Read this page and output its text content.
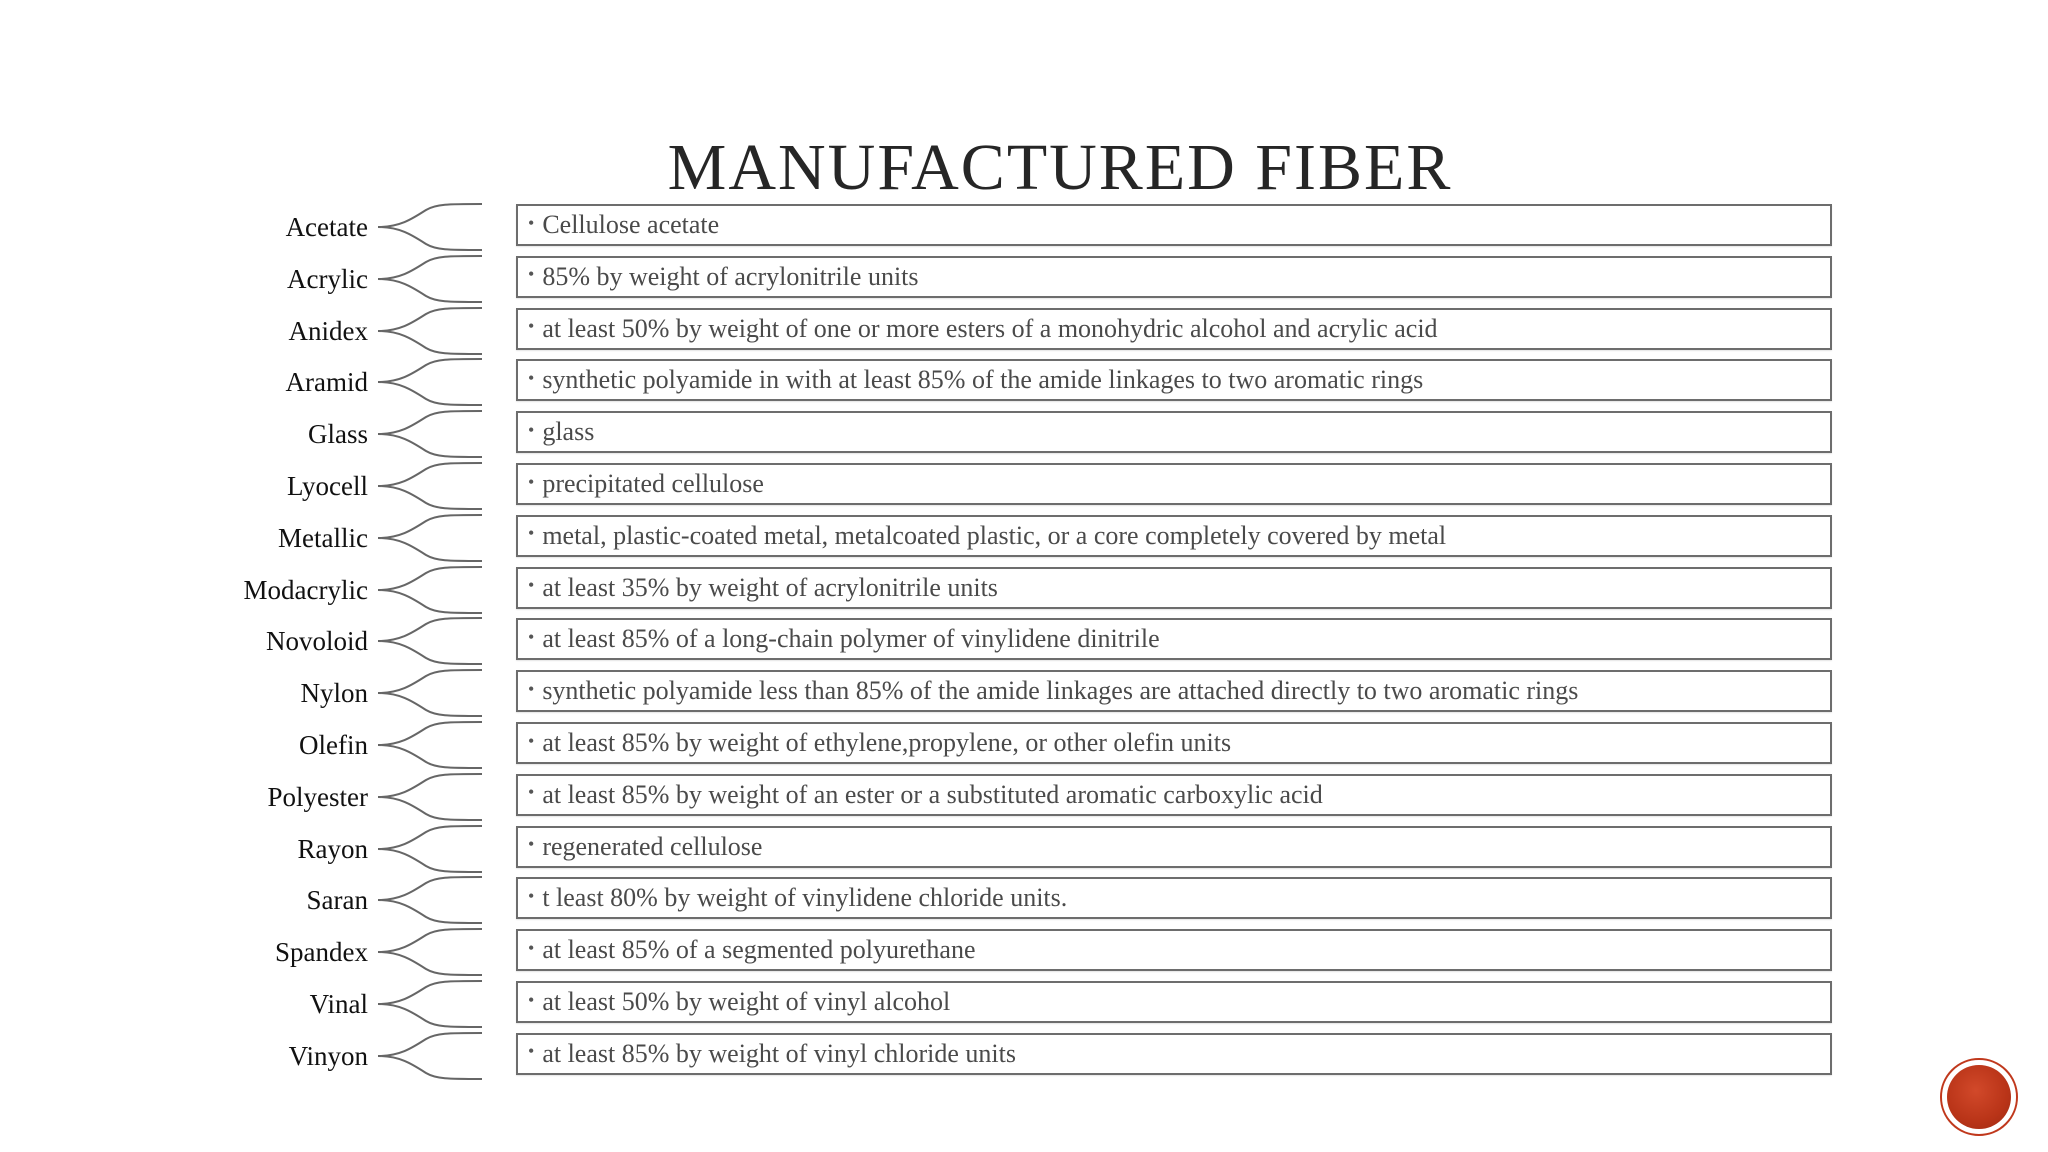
MANUFACTURED FIBER
Acetate	• Cellulose acetate
Acrylic	• 85% by weight of acrylonitrile units
Anidex	• at least 50% by weight of one or more esters of a monohydric alcohol and acrylic acid
Aramid	• synthetic polyamide in with at least 85% of the amide linkages to two aromatic rings
Glass	• glass
Lyocell	• precipitated cellulose
Metallic	• metal, plastic-coated metal, metalcoated plastic, or a core completely covered by metal
Modacrylic	• at least 35% by weight of acrylonitrile units
Novoloid	• at least 85% of a long-chain polymer of vinylidene dinitrile
Nylon	• synthetic polyamide less than 85% of the amide linkages are attached directly to two aromatic rings
Olefin	• at least 85% by weight of ethylene,propylene, or other olefin units
Polyester	• at least 85% by weight of an ester or a substituted aromatic carboxylic acid
Rayon	• regenerated cellulose
Saran	• t least 80% by weight of vinylidene chloride units.
Spandex	• at least 85% of a segmented polyurethane
Vinal	• at least 50% by weight of vinyl alcohol
Vinyon	• at least 85% by weight of vinyl chloride units
